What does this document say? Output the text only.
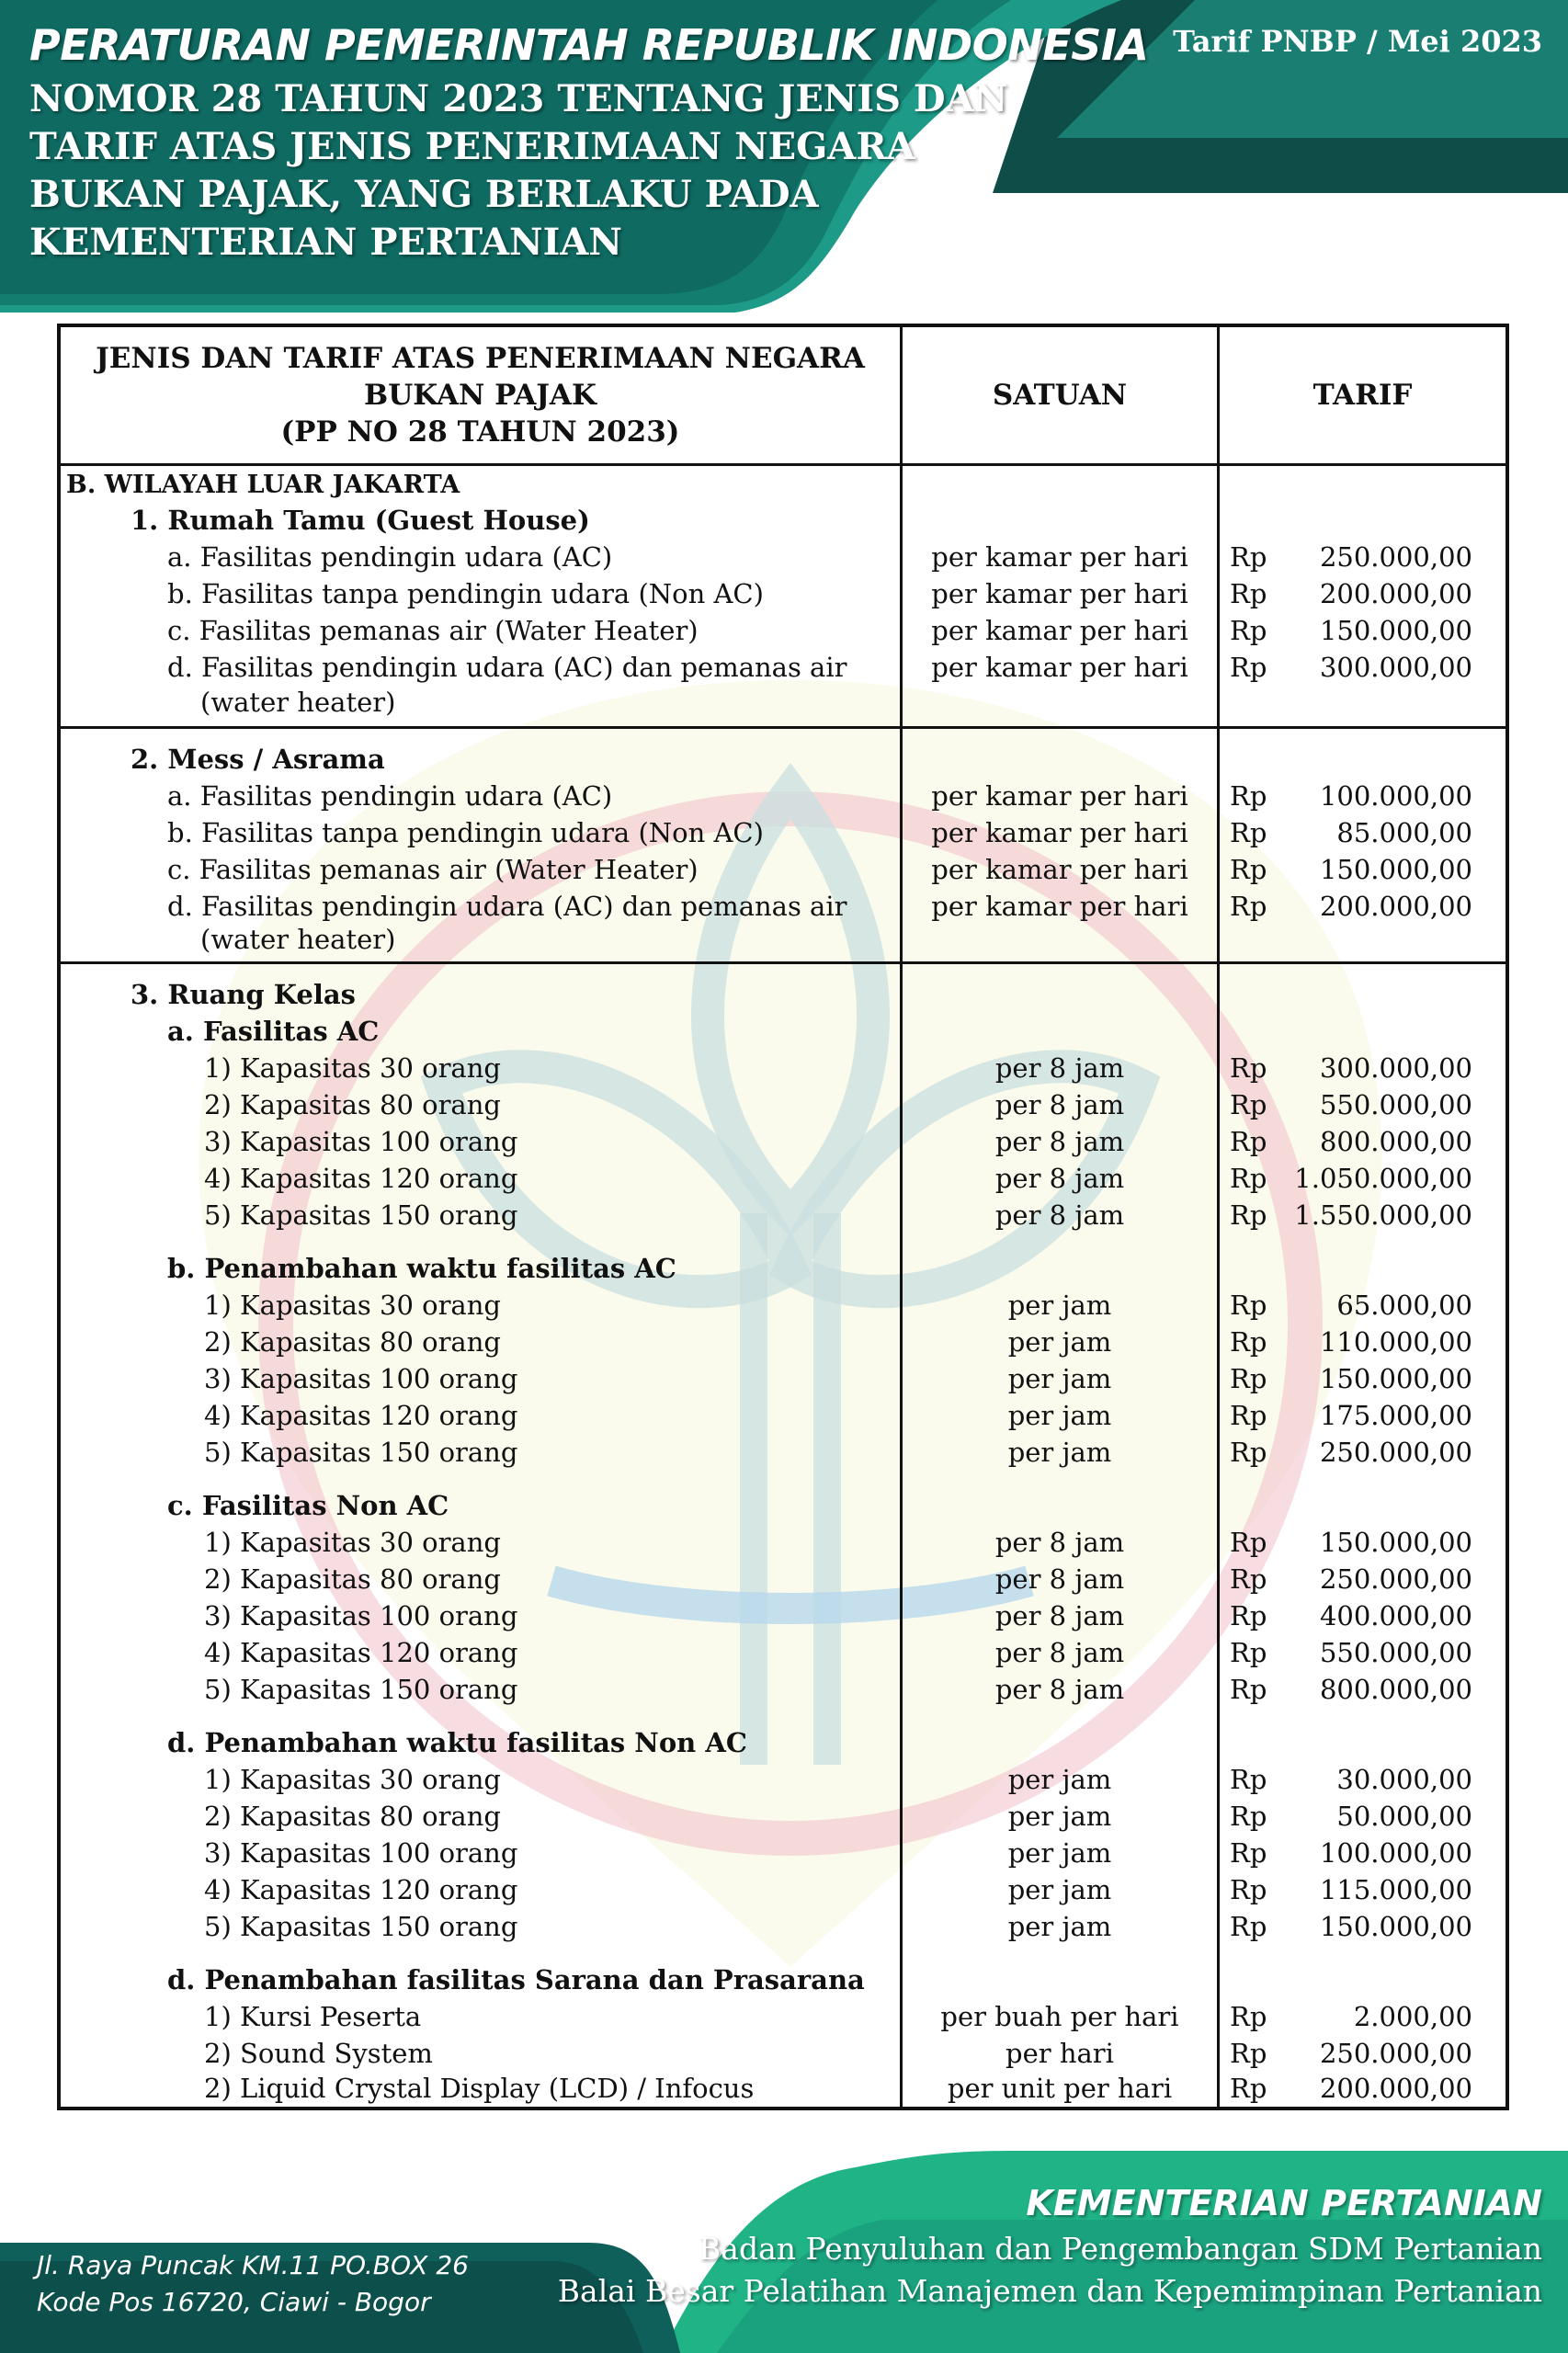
PERATURAN PEMERINTAH REPUBLIK INDONESIA
NOMOR 28 TAHUN 2023 TENTANG JENIS DAN
TARIF ATAS JENIS PENERIMAAN NEGARA
BUKAN PAJAK, YANG BERLAKU PADA
KEMENTERIAN PERTANIAN
Tarif PNBP / Mei 2023
JENIS DAN TARIF ATAS PENERIMAAN NEGARA
BUKAN PAJAK
(PP NO 28 TAHUN 2023)
SATUAN	TARIF
B. WILAYAH LUAR JAKARTA
1. Rumah Tamu (Guest House)
a. Fasilitas pendingin udara (AC)	per kamar per hari	Rp 250.000,00
b. Fasilitas tanpa pendingin udara (Non AC)	per kamar per hari	Rp 200.000,00
c. Fasilitas pemanas air (Water Heater)	per kamar per hari	Rp 150.000,00
d. Fasilitas pendingin udara (AC) dan pemanas air	per kamar per hari	Rp 300.000,00
(water heater)
2. Mess / Asrama
a. Fasilitas pendingin udara (AC)	per kamar per hari	Rp 100.000,00
b. Fasilitas tanpa pendingin udara (Non AC)	per kamar per hari	Rp	85.000,00
c. Fasilitas pemanas air (Water Heater)	per kamar per hari	Rp 150.000,00
d. Fasilitas pendingin udara (AC) dan pemanas air	per kamar per hari	Rp 200.000,00
(water heater)
3. Ruang Kelas
a. Fasilitas AC
1) Kapasitas 30 orang	per 8 jam	Rp 300.000,00
2) Kapasitas 80 orang	per 8 jam	Rp 550.000,00
3) Kapasitas 100 orang	per 8 jam	Rp 800.000,00
4) Kapasitas 120 orang	per 8 jam	Rp 1.050.000,00
5) Kapasitas 150 orang	per 8 jam	Rp 1.550.000,00
b. Penambahan waktu fasilitas AC
1) Kapasitas 30 orang	per jam	Rp	65.000,00
2) Kapasitas 80 orang	per jam	Rp 110.000,00
3) Kapasitas 100 orang	per jam	Rp 150.000,00
4) Kapasitas 120 orang	per jam	Rp 175.000,00
5) Kapasitas 150 orang	per jam	Rp 250.000,00
c. Fasilitas Non AC
1) Kapasitas 30 orang	per 8 jam	Rp 150.000,00
2) Kapasitas 80 orang	per 8 jam	Rp 250.000,00
3) Kapasitas 100 orang	per 8 jam	Rp 400.000,00
4) Kapasitas 120 orang	per 8 jam	Rp 550.000,00
5) Kapasitas 150 orang	per 8 jam	Rp 800.000,00
d. Penambahan waktu fasilitas Non AC
1) Kapasitas 30 orang	per jam	Rp	30.000,00
2) Kapasitas 80 orang	per jam	Rp	50.000,00
3) Kapasitas 100 orang	per jam	Rp 100.000,00
4) Kapasitas 120 orang	per jam	Rp 115.000,00
5) Kapasitas 150 orang	per jam	Rp 150.000,00
d. Penambahan fasilitas Sarana dan Prasarana
1) Kursi Peserta	per buah per hari	Rp	2.000,00
2) Sound System	per hari	Rp 250.000,00
2) Liquid Crystal Display (LCD) / Infocus	per unit per hari	Rp 200.000,00
Jl. Raya Puncak KM.11 PO.BOX 26
Kode Pos 16720, Ciawi - Bogor
KEMENTERIAN PERTANIAN
Badan Penyuluhan dan Pengembangan SDM Pertanian
Balai Besar Pelatihan Manajemen dan Kepemimpinan Pertanian
